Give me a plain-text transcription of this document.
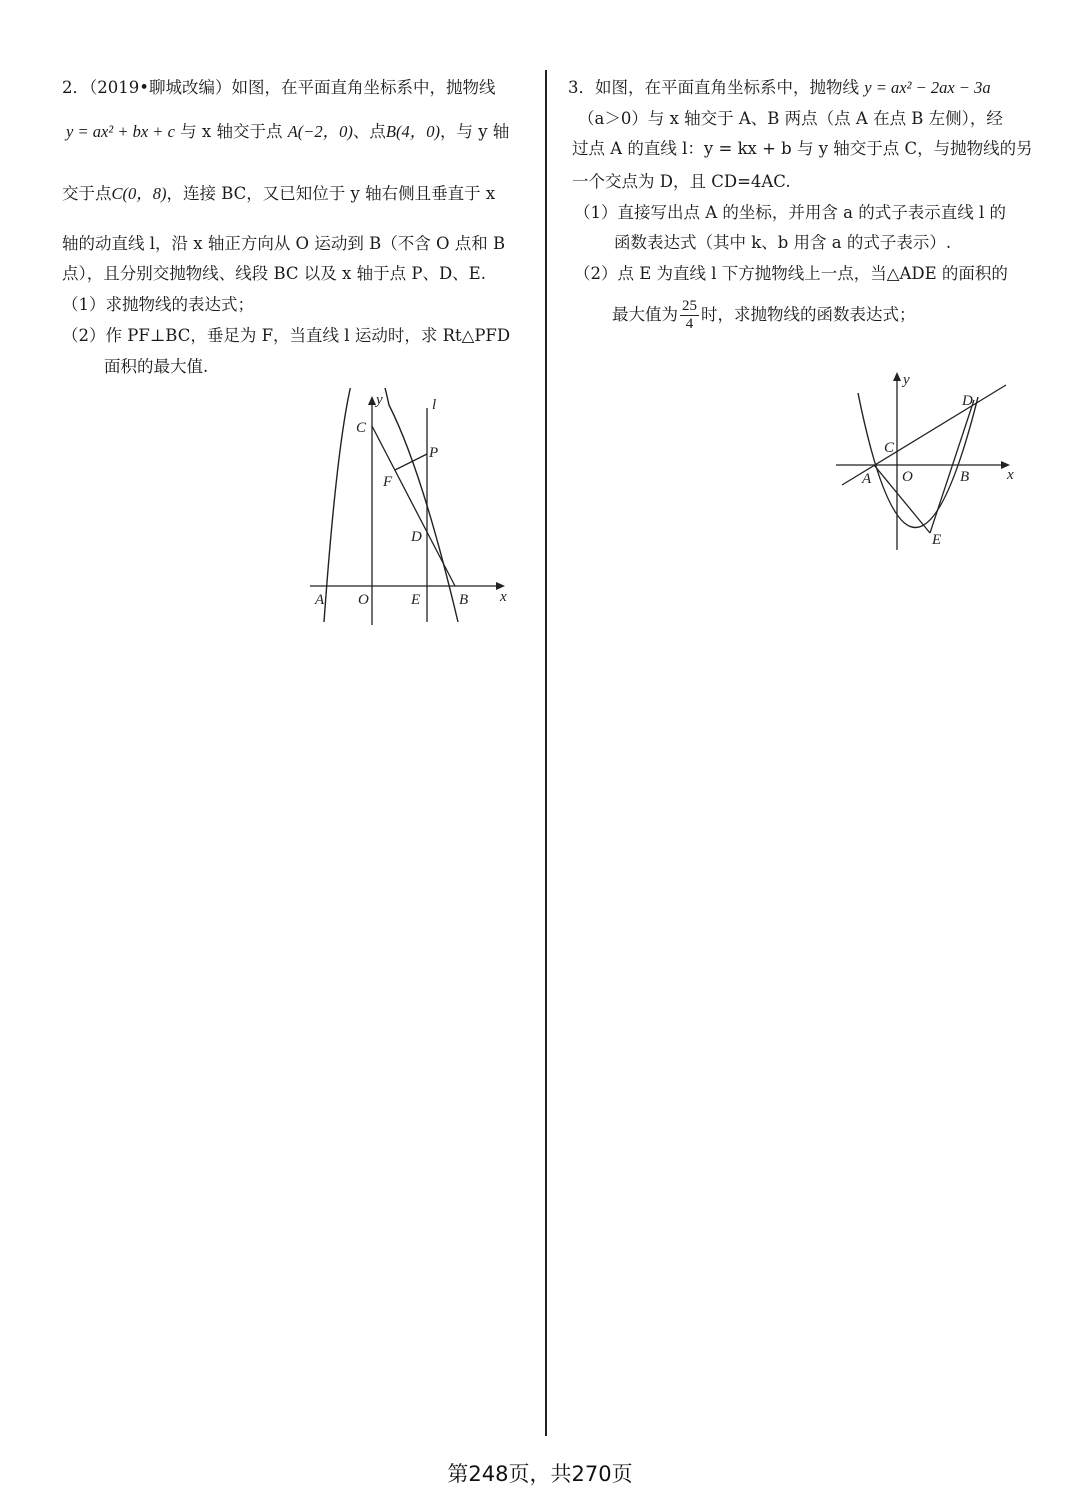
2．（2019•聊城改编）如图，在平面直角坐标系中，抛物线
y = ax² + bx + c 与 x 轴交于点 A(−2，0)、点B(4，0)，与 y 轴
交于点C(0，8)，连接 BC，又已知位于 y 轴右侧且垂直于 x
轴的动直线 l，沿 x 轴正方向从 O 运动到 B（不含 O 点和 B
点），且分别交抛物线、线段 BC 以及 x 轴于点 P、D、E.
（1）求抛物线的表达式；
（2）作 PF⊥BC，垂足为 F，当直线 l 运动时，求 Rt△PFD
面积的最大值.
y	l
C
P
F
D
A O	E	B x
3．如图，在平面直角坐标系中，抛物线 y = ax² − 2ax − 3a
（a＞0）与 x 轴交于 A、B 两点（点 A 在点 B 左侧），经
过点 A 的直线 l：y = kx + b 与 y 轴交于点 C，与抛物线的另
一个交点为 D，且 CD=4AC.
（1）直接写出点 A 的坐标，并用含 a 的式子表示直线 l 的
函数表达式（其中 k、b 用含 a 的式子表示）.
（2）点 E 为直线 l 下方抛物线上一点，当△ADE 的面积的
最大值为 $\frac{25}{4}$ 时，求抛物线的函数表达式；
y
D
C
A O	B	x
E
第248页，共270页
